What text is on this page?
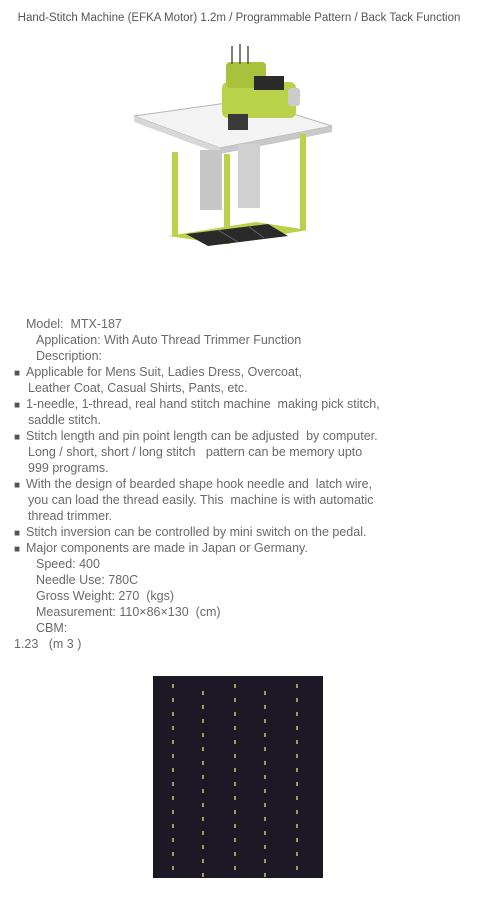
Hand-Stitch Machine (EFKA Motor) 1.2m / Programmable Pattern / Back Tack Function
Model:  MTX-187
Application: With Auto Thread Trimmer Function
Description:
■ Applicable for Mens Suit, Ladies Dress, Overcoat,
Leather Coat, Casual Shirts, Pants, etc.
■ 1-needle, 1-thread, real hand stitch machine  making pick stitch,
saddle stitch.
■ Stitch length and pin point length can be adjusted  by computer.
Long / short, short / long stitch   pattern can be memory upto
999 programs.
■ With the design of bearded shape hook needle and  latch wire,
you can load the thread easily. This  machine is with automatic
thread trimmer.
■ Stitch inversion can be controlled by mini switch on the pedal.
■ Major components are made in Japan or Germany.
Speed: 400
Needle Use: 780C
Gross Weight: 270  (kgs)
Measurement: 110×86×130  (cm)
CBM:
1.23   (m 3 )
